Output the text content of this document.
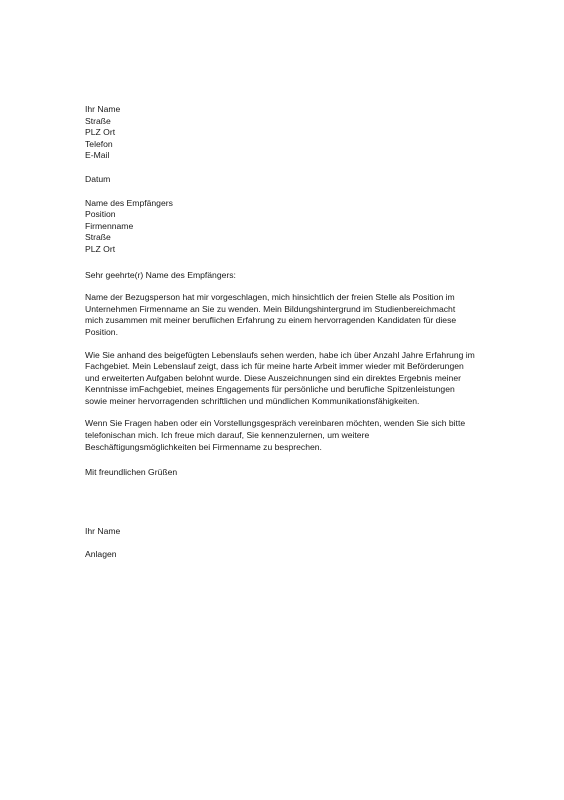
Ihr Name
Straße
PLZ Ort
Telefon
E-Mail
Datum
Name des Empfängers
Position
Firmenname
Straße
PLZ Ort
Sehr geehrte(r) Name des Empfängers:
Name der Bezugsperson hat mir vorgeschlagen, mich hinsichtlich der freien Stelle als Position im
Unternehmen Firmenname an Sie zu wenden. Mein Bildungshintergrund im Studienbereichmacht
mich zusammen mit meiner beruflichen Erfahrung zu einem hervorragenden Kandidaten für diese
Position.
Wie Sie anhand des beigefügten Lebenslaufs sehen werden, habe ich über Anzahl Jahre Erfahrung im
Fachgebiet. Mein Lebenslauf zeigt, dass ich für meine harte Arbeit immer wieder mit Beförderungen
und erweiterten Aufgaben belohnt wurde. Diese Auszeichnungen sind ein direktes Ergebnis meiner
Kenntnisse imFachgebiet, meines Engagements für persönliche und berufliche Spitzenleistungen
sowie meiner hervorragenden schriftlichen und mündlichen Kommunikationsfähigkeiten.
Wenn Sie Fragen haben oder ein Vorstellungsgespräch vereinbaren möchten, wenden Sie sich bitte
telefonischan mich. Ich freue mich darauf, Sie kennenzulernen, um weitere
Beschäftigungsmöglichkeiten bei Firmenname zu besprechen.
Mit freundlichen Grüßen
Ihr Name
Anlagen
